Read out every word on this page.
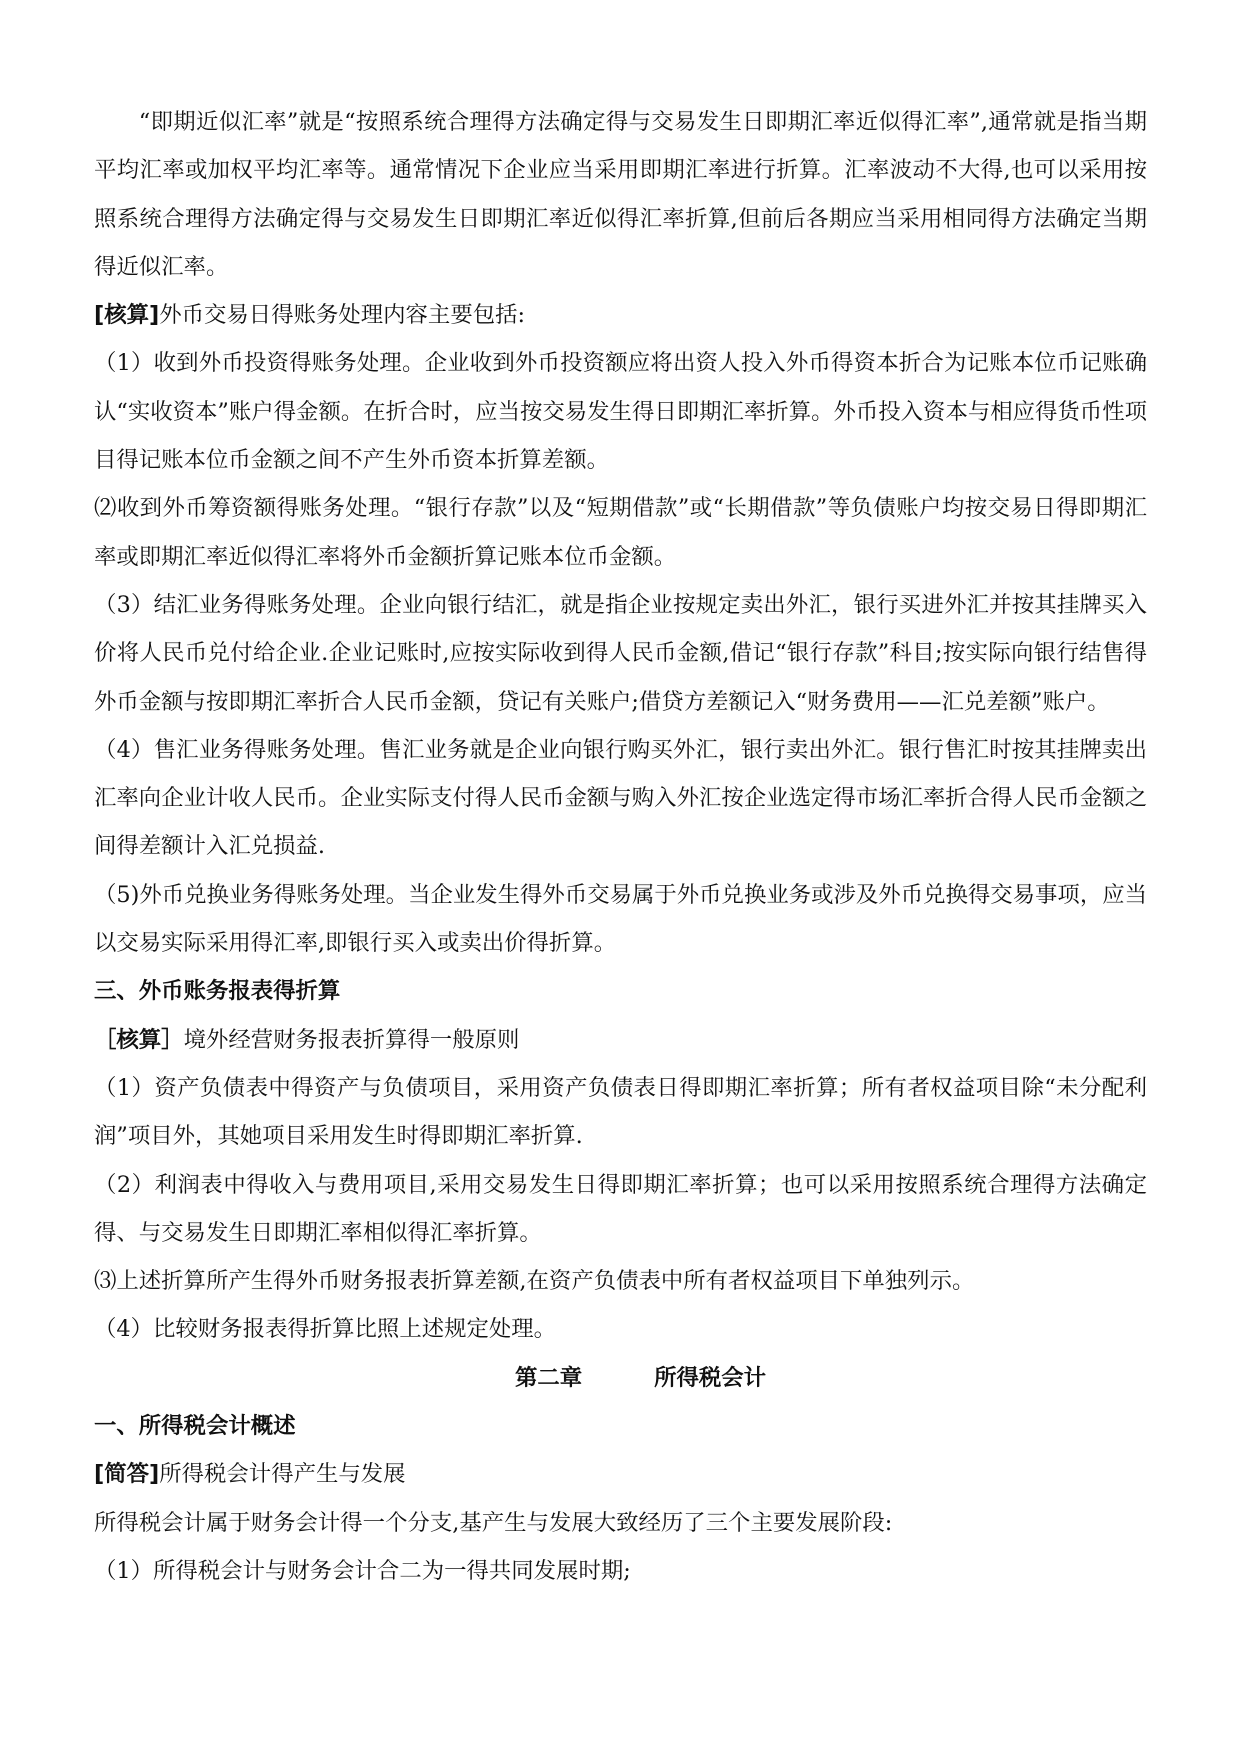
“即期近似汇率”就是“按照系统合理得方法确定得与交易发生日即期汇率近似得汇率”,通常就是指当期平均汇率或加权平均汇率等。通常情况下企业应当采用即期汇率进行折算。汇率波动不大得,也可以采用按照系统合理得方法确定得与交易发生日即期汇率近似得汇率折算,但前后各期应当采用相同得方法确定当期得近似汇率。

[核算]外币交易日得账务处理内容主要包括:

（1）收到外币投资得账务处理。企业收到外币投资额应将出资人投入外币得资本折合为记账本位币记账确认“实收资本”账户得金额。在折合时，应当按交易发生得日即期汇率折算。外币投入资本与相应得货币性项目得记账本位币金额之间不产生外币资本折算差额。

⑵收到外币筹资额得账务处理。“银行存款”以及“短期借款”或“长期借款”等负债账户均按交易日得即期汇率或即期汇率近似得汇率将外币金额折算记账本位币金额。

（3）结汇业务得账务处理。企业向银行结汇，就是指企业按规定卖出外汇，银行买进外汇并按其挂牌买入价将人民币兑付给企业.企业记账时,应按实际收到得人民币金额,借记“银行存款”科目;按实际向银行结售得外币金额与按即期汇率折合人民币金额，贷记有关账户;借贷方差额记入“财务费用——汇兑差额”账户。

（4）售汇业务得账务处理。售汇业务就是企业向银行购买外汇，银行卖出外汇。银行售汇时按其挂牌卖出汇率向企业计收人民币。企业实际支付得人民币金额与购入外汇按企业选定得市场汇率折合得人民币金额之间得差额计入汇兑损益.

（5)外币兑换业务得账务处理。当企业发生得外币交易属于外币兑换业务或涉及外币兑换得交易事项，应当以交易实际采用得汇率,即银行买入或卖出价得折算。

三、外币账务报表得折算

［核算］境外经营财务报表折算得一般原则

（1）资产负债表中得资产与负债项目，采用资产负债表日得即期汇率折算；所有者权益项目除“未分配利润”项目外，其她项目采用发生时得即期汇率折算.

（2）利润表中得收入与费用项目,采用交易发生日得即期汇率折算；也可以采用按照系统合理得方法确定得、与交易发生日即期汇率相似得汇率折算。

⑶上述折算所产生得外币财务报表折算差额,在资产负债表中所有者权益项目下单独列示。

（4）比较财务报表得折算比照上述规定处理。

第二章	所得税会计

一、所得税会计概述

[简答]所得税会计得产生与发展

所得税会计属于财务会计得一个分支,基产生与发展大致经历了三个主要发展阶段:

（1）所得税会计与财务会计合二为一得共同发展时期;
